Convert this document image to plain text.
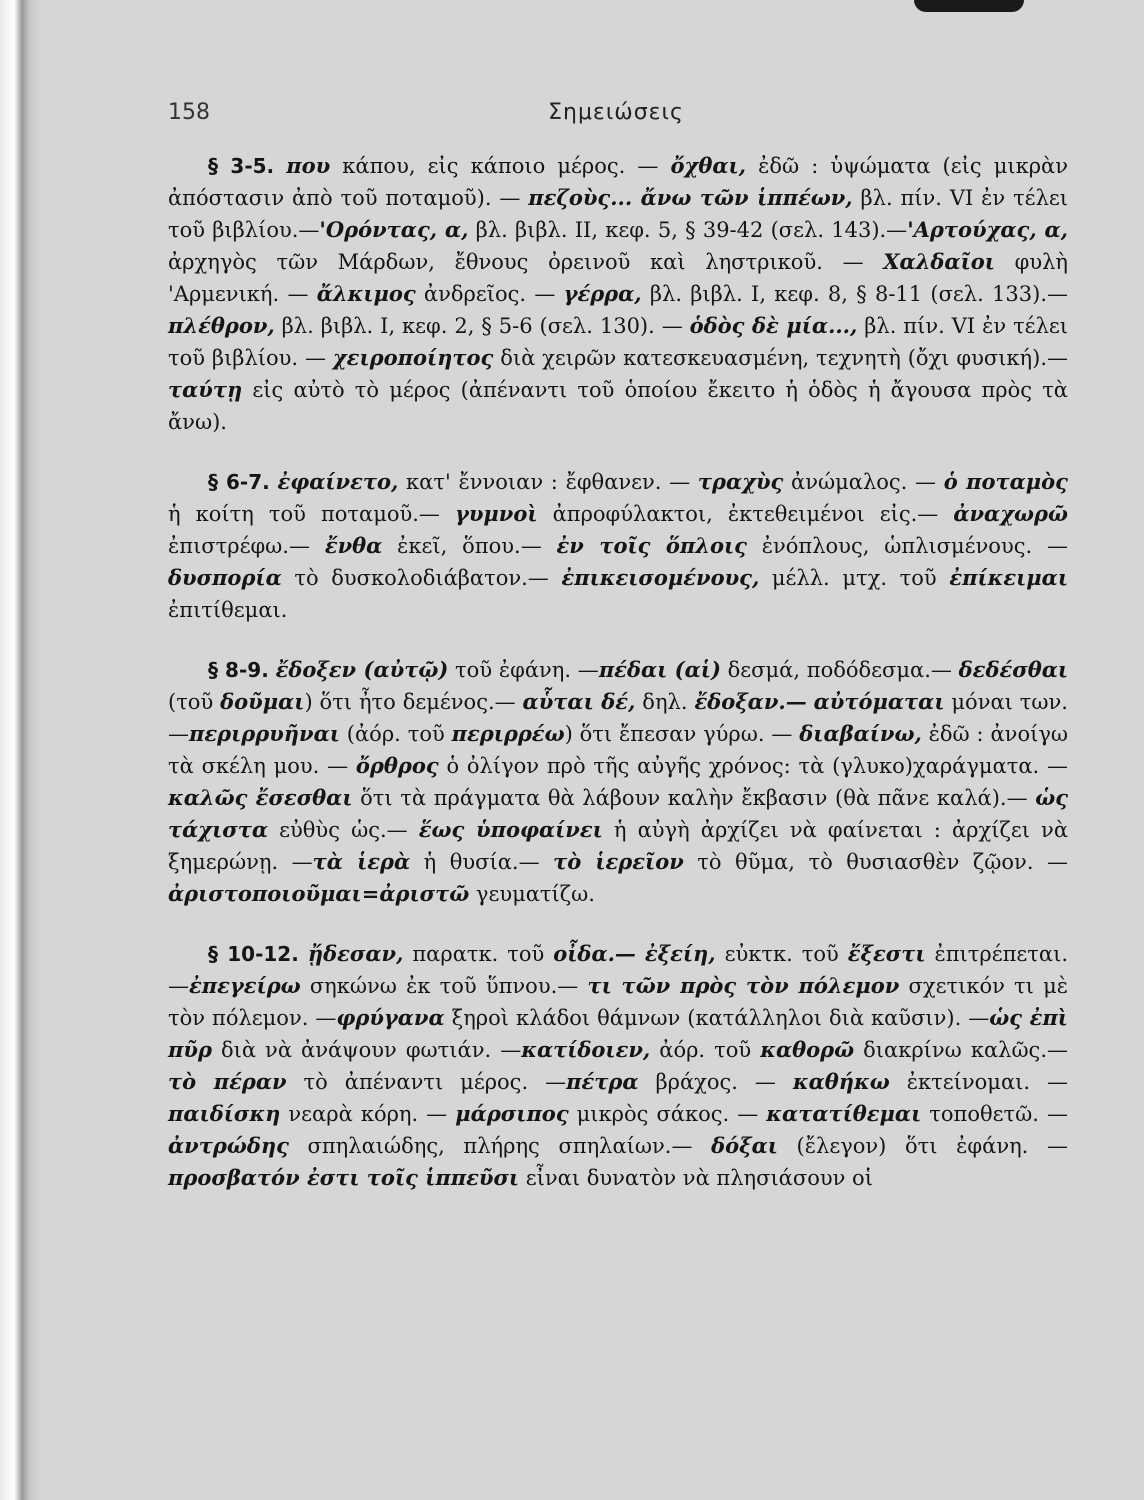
158	Σημειώσεις

§ 3-5. που κάπου, εἰς κάποιο μέρος. — ὄχθαι, ἐδῶ : ὑψώματα (εἰς μικρὰν ἀπόστασιν ἀπὸ τοῦ ποταμοῦ). — πεζοὺς... ἄνω τῶν ἱππέων, βλ. πίν. VI ἐν τέλει τοῦ βιβλίου.—'Ορόντας, α, βλ. βιβλ. II, κεφ. 5, § 39-42 (σελ. 143).—'Αρτούχας, α, ἀρχηγὸς τῶν Μάρδων, ἔθνους ὀρεινοῦ καὶ ληστρικοῦ. — Χαλδαῖοι φυλὴ 'Αρμενική. — ἄλκιμος ἀνδρεῖος. — γέρρα, βλ. βιβλ. I, κεφ. 8, § 8-11 (σελ. 133).— πλέθρον, βλ. βιβλ. I, κεφ. 2, § 5-6 (σελ. 130). — ὁδὸς δὲ μία..., βλ. πίν. VI ἐν τέλει τοῦ βιβλίου. — χειροποίητος διὰ χειρῶν κατεσκευασμένη, τεχνητὴ (ὄχι φυσική).—ταύτῃ εἰς αὐτὸ τὸ μέρος (ἀπέναντι τοῦ ὁποίου ἔκειτο ἡ ὁδὸς ἡ ἄγουσα πρὸς τὰ ἄνω).

§ 6-7. ἐφαίνετο, κατ' ἔννοιαν : ἔφθανεν. — τραχὺς ἀνώμαλος. — ὁ ποταμὸς ἡ κοίτη τοῦ ποταμοῦ.— γυμνοὶ ἀπροφύλακτοι, ἐκτεθειμένοι εἰς.— ἀναχωρῶ ἐπιστρέφω.— ἔνθα ἐκεῖ, ὅπου.— ἐν τοῖς ὅπλοις ἐνόπλους, ὡπλισμένους. —δυσπορία τὸ δυσκολοδιάβατον.— ἐπικεισομένους, μέλλ. μτχ. τοῦ ἐπίκειμαι ἐπιτίθεμαι.

§ 8-9. ἔδοξεν (αὐτῷ) τοῦ ἐφάνη. —πέδαι (αἱ) δεσμά, ποδόδεσμα.— δεδέσθαι (τοῦ δοῦμαι) ὅτι ἦτο δεμένος.— αὗται δέ, δηλ. ἔδοξαν.— αὐτόμαται μόναι των.—περιρρυῆναι (ἀόρ. τοῦ περιρρέω) ὅτι ἔπεσαν γύρω. — διαβαίνω, ἐδῶ : ἀνοίγω τὰ σκέλη μου. — ὄρθρος ὁ ὀλίγον πρὸ τῆς αὐγῆς χρόνος: τὰ (γλυκο)χαράγματα. —καλῶς ἔσεσθαι ὅτι τὰ πράγματα θὰ λάβουν καλὴν ἔκβασιν (θὰ πᾶνε καλά).— ὡς τάχιστα εὐθὺς ὡς.— ἕως ὑποφαίνει ἡ αὐγὴ ἀρχίζει νὰ φαίνεται : ἀρχίζει νὰ ξημερώνῃ. —τὰ ἱερὰ ἡ θυσία.— τὸ ἱερεῖον τὸ θῦμα, τὸ θυσιασθὲν ζῷον. —ἀριστοποιοῦμαι=ἀριστῶ γευματίζω.

§ 10-12. ᾔδεσαν, παρατκ. τοῦ οἶδα.— ἐξείη, εὐκτκ. τοῦ ἔξεστι ἐπιτρέπεται. —ἐπεγείρω σηκώνω ἐκ τοῦ ὕπνου.— τι τῶν πρὸς τὸν πόλεμον σχετικόν τι μὲ τὸν πόλεμον. —φρύγανα ξηροὶ κλάδοι θάμνων (κατάλληλοι διὰ καῦσιν). —ὡς ἐπὶ πῦρ διὰ νὰ ἀνάψουν φωτιάν. —κατίδοιεν, ἀόρ. τοῦ καθορῶ διακρίνω καλῶς.— τὸ πέραν τὸ ἀπέναντι μέρος. —πέτρα βράχος. — καθήκω ἐκτείνομαι. — παιδίσκη νεαρὰ κόρη. — μάρσιπος μικρὸς σάκος. — κατατίθεμαι τοποθετῶ. — ἀντρώδης σπηλαιώδης, πλήρης σπηλαίων.— δόξαι (ἔλεγον) ὅτι ἐφάνη. — προσβατόν ἐστι τοῖς ἱππεῦσι εἶναι δυνατὸν νὰ πλησιάσουν οἱ
